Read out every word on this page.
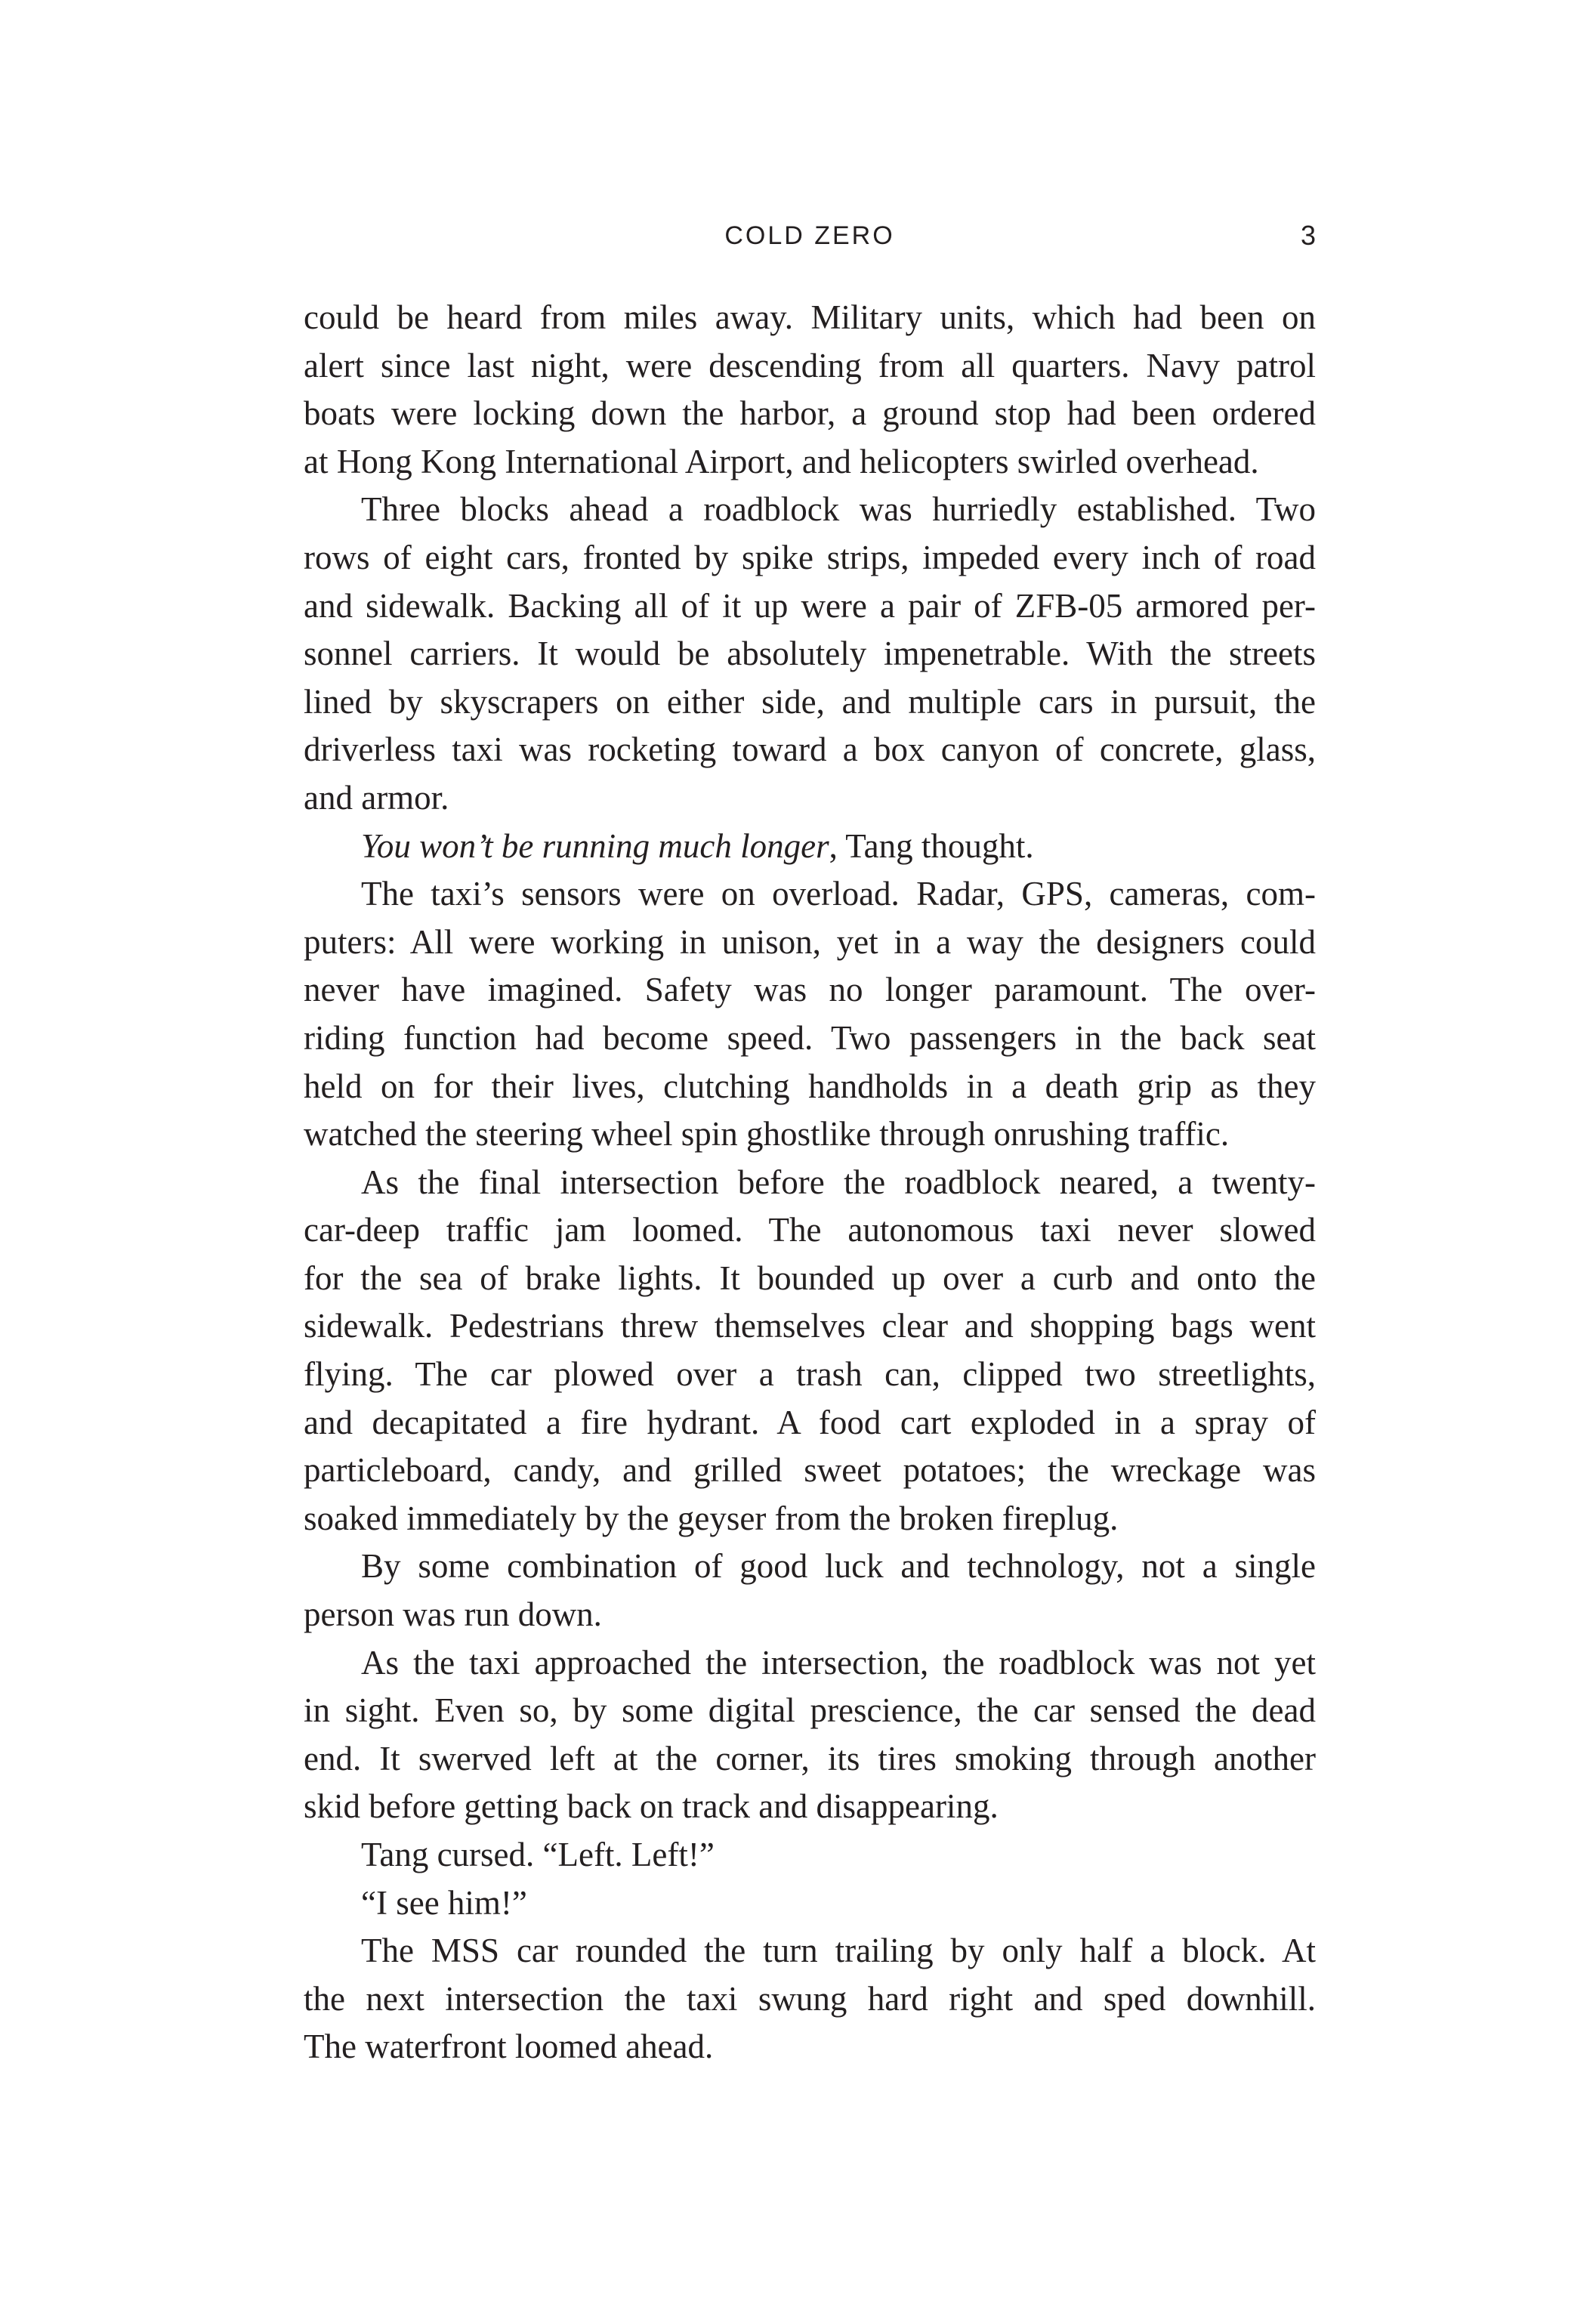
COLD ZERO	3
could be heard from miles away. Military units, which had been on
alert since last night, were descending from all quarters. Navy patrol
boats were locking down the harbor, a ground stop had been ordered
at Hong Kong International Airport, and helicopters swirled overhead.
Three blocks ahead a roadblock was hurriedly established. Two
rows of eight cars, fronted by spike strips, impeded every inch of road
and sidewalk. Backing all of it up were a pair of ZFB-05 armored per-
sonnel carriers. It would be absolutely impenetrable. With the streets
lined by skyscrapers on either side, and multiple cars in pursuit, the
driverless taxi was rocketing toward a box canyon of concrete, glass,
and armor.
You won’t be running much longer, Tang thought.
The taxi’s sensors were on overload. Radar, GPS, cameras, com-
puters: All were working in unison, yet in a way the designers could
never have imagined. Safety was no longer paramount. The over-
riding function had become speed. Two passengers in the back seat
held on for their lives, clutching handholds in a death grip as they
watched the steering wheel spin ghostlike through onrushing traffic.
As the final intersection before the roadblock neared, a twenty-
car-deep traffic jam loomed. The autonomous taxi never slowed
for the sea of brake lights. It bounded up over a curb and onto the
sidewalk. Pedestrians threw themselves clear and shopping bags went
flying. The car plowed over a trash can, clipped two streetlights,
and decapitated a fire hydrant. A food cart exploded in a spray of
particleboard, candy, and grilled sweet potatoes; the wreckage was
soaked immediately by the geyser from the broken fireplug.
By some combination of good luck and technology, not a single
person was run down.
As the taxi approached the intersection, the roadblock was not yet
in sight. Even so, by some digital prescience, the car sensed the dead
end. It swerved left at the corner, its tires smoking through another
skid before getting back on track and disappearing.
Tang cursed. “Left. Left!”
“I see him!”
The MSS car rounded the turn trailing by only half a block. At
the next intersection the taxi swung hard right and sped downhill.
The waterfront loomed ahead.
